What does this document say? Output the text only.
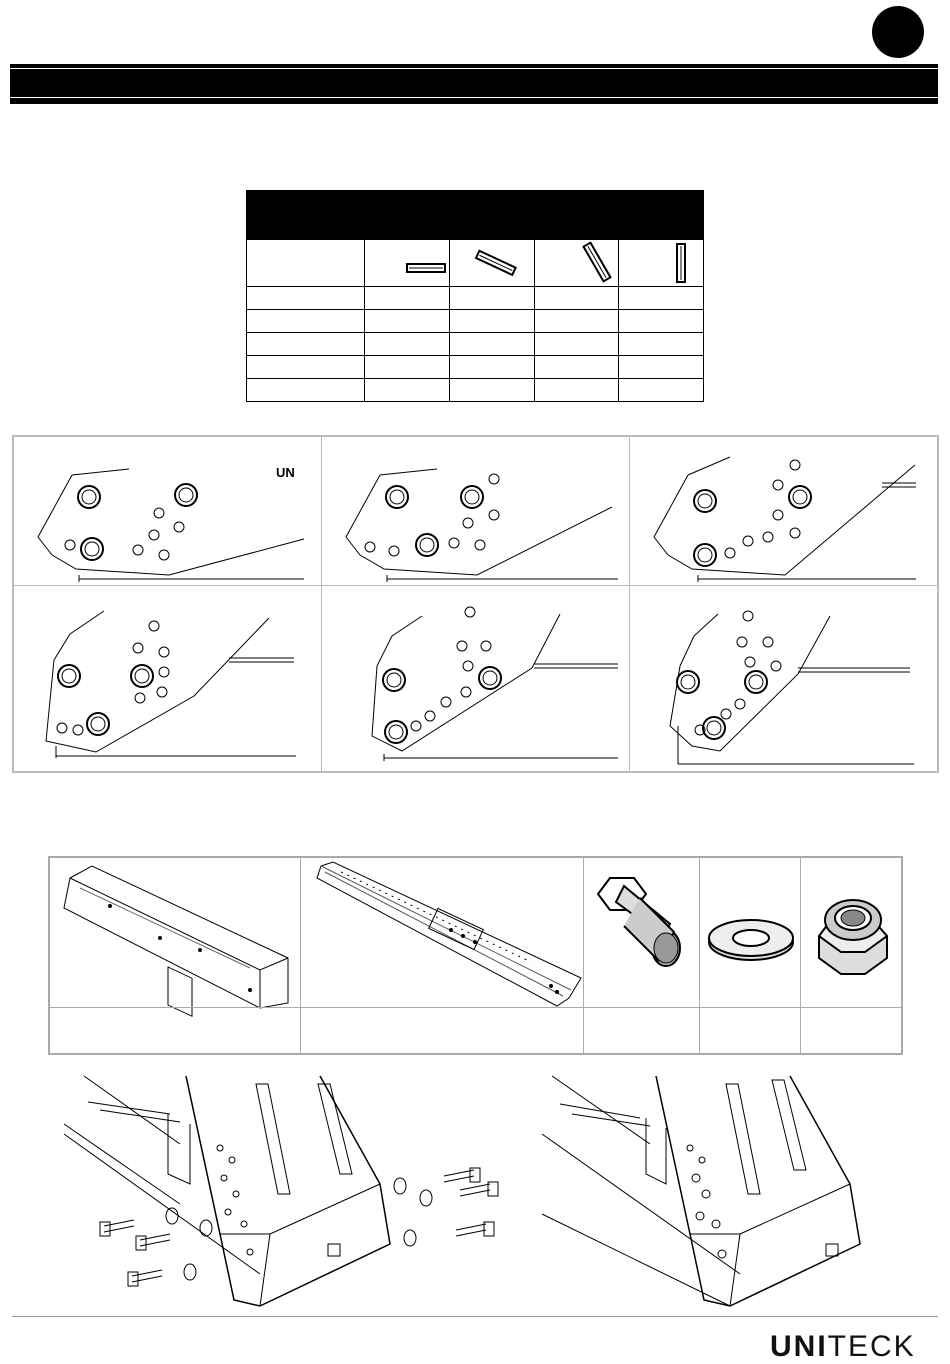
UN
UNITECK
